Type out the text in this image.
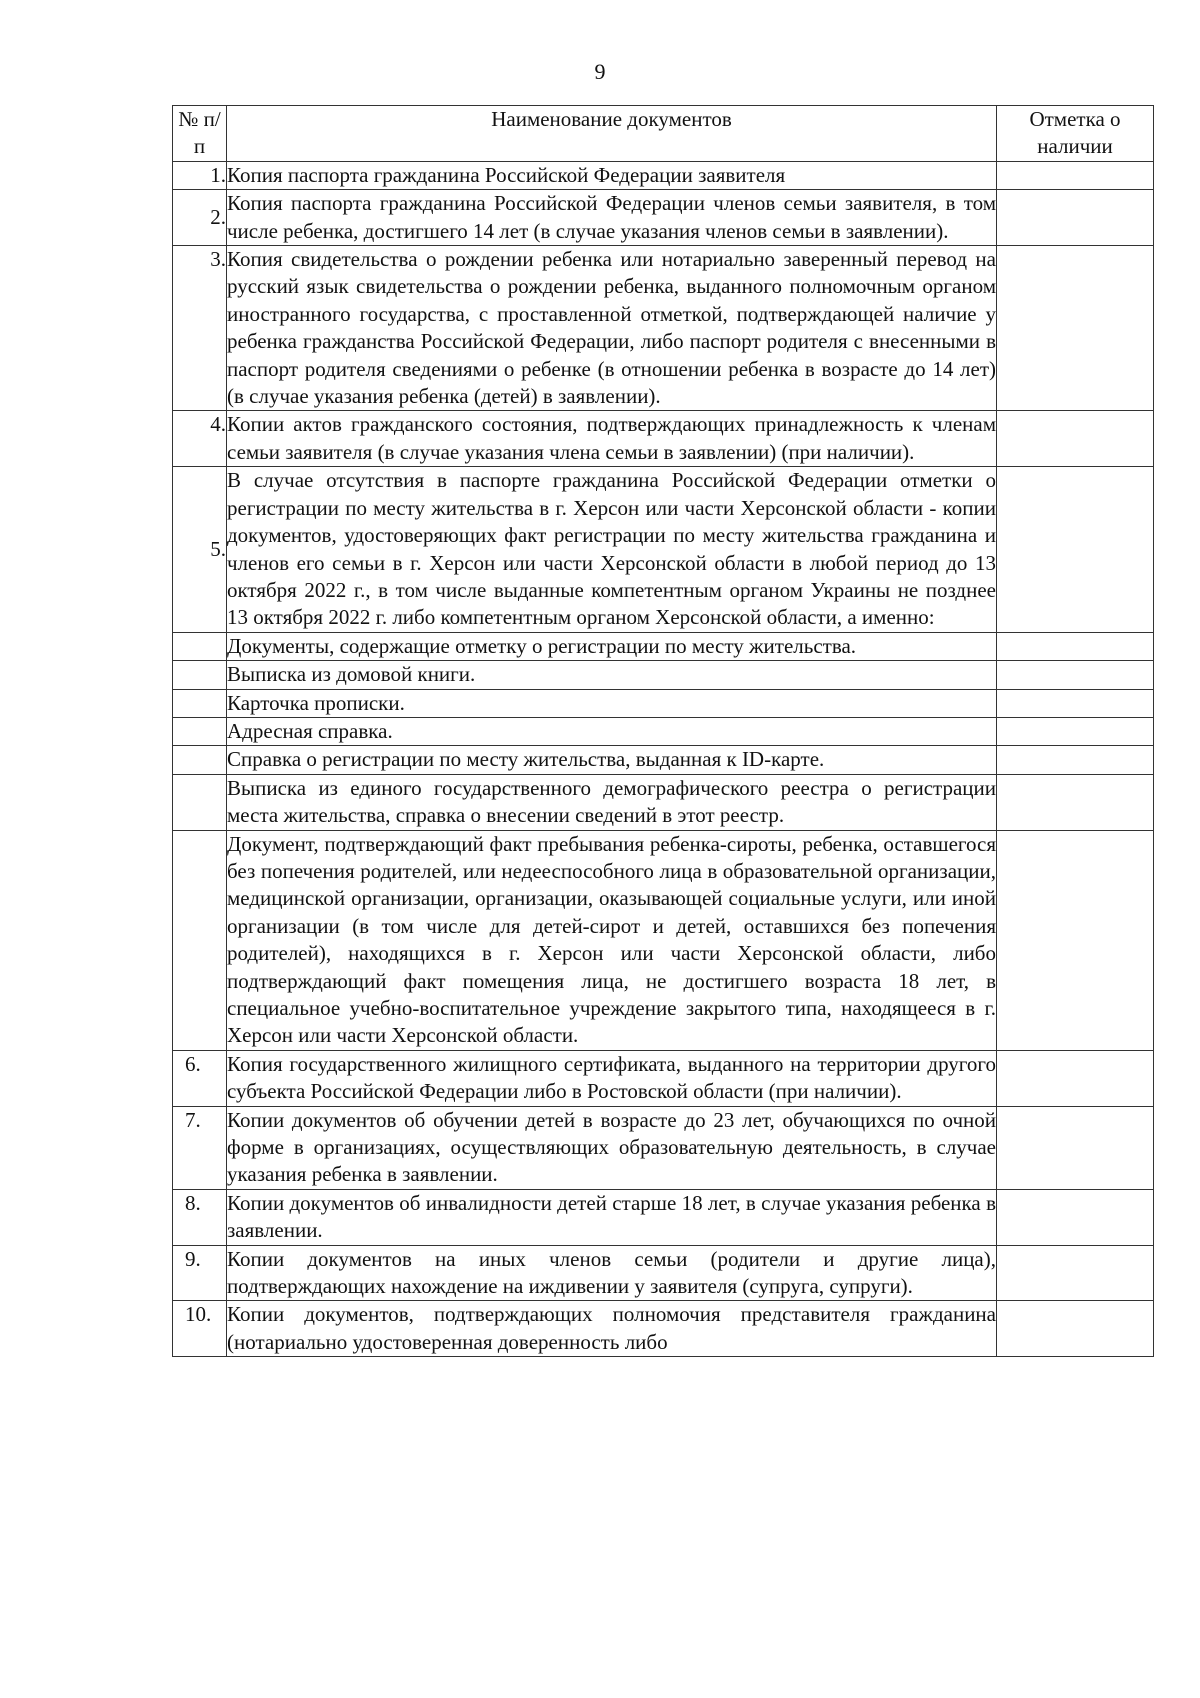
9
№ п/п	Наименование документов	Отметка о наличии
1.	Копия паспорта гражданина Российской Федерации заявителя	
2.	Копия паспорта гражданина Российской Федерации членов семьи заявителя, в том числе ребенка, достигшего 14 лет (в случае указания членов семьи в заявлении).	
3.	Копия свидетельства о рождении ребенка или нотариально заверенный перевод на русский язык свидетельства о рождении ребенка, выданного полномочным органом иностранного государства, с проставленной отметкой, подтверждающей наличие у ребенка гражданства Российской Федерации, либо паспорт родителя с внесенными в паспорт родителя сведениями о ребенке (в отношении ребенка в возрасте до 14 лет) (в случае указания ребенка (детей) в заявлении).	
4.	Копии актов гражданского состояния, подтверждающих принадлежность к членам семьи заявителя (в случае указания члена семьи в заявлении) (при наличии).	
5.	В случае отсутствия в паспорте гражданина Российской Федерации отметки о регистрации по месту жительства в г. Херсон или части Херсонской области - копии документов, удостоверяющих факт регистрации по месту жительства гражданина и членов его семьи в г. Херсон или части Херсонской области в любой период до 13 октября 2022 г., в том числе выданные компетентным органом Украины не позднее 13 октября 2022 г. либо компетентным органом Херсонской области, а именно:	
	Документы, содержащие отметку о регистрации по месту жительства.	
	Выписка из домовой книги.	
	Карточка прописки.	
	Адресная справка.	
	Справка о регистрации по месту жительства, выданная к ID-карте.	
	Выписка из единого государственного демографического реестра о регистрации места жительства, справка о внесении сведений в этот реестр.	
	Документ, подтверждающий факт пребывания ребенка-сироты, ребенка, оставшегося без попечения родителей, или недееспособного лица в образовательной организации, медицинской организации, организации, оказывающей социальные услуги, или иной организации (в том числе для детей-сирот и детей, оставшихся без попечения родителей), находящихся в г. Херсон или части Херсонской области, либо подтверждающий факт помещения лица, не достигшего возраста 18 лет, в специальное учебно-воспитательное учреждение закрытого типа, находящееся в г. Херсон или части Херсонской области.	
6.	Копия государственного жилищного сертификата, выданного на территории другого субъекта Российской Федерации либо в Ростовской области (при наличии).	
7.	Копии документов об обучении детей в возрасте до 23 лет, обучающихся по очной форме в организациях, осуществляющих образовательную деятельность, в случае указания ребенка в заявлении.	
8.	Копии документов об инвалидности детей старше 18 лет, в случае указания ребенка в заявлении.	
9.	Копии документов на иных членов семьи (родители и другие лица), подтверждающих нахождение на иждивении у заявителя (супруга, супруги).	
10.	Копии документов, подтверждающих полномочия представителя гражданина (нотариально удостоверенная доверенность либо	
